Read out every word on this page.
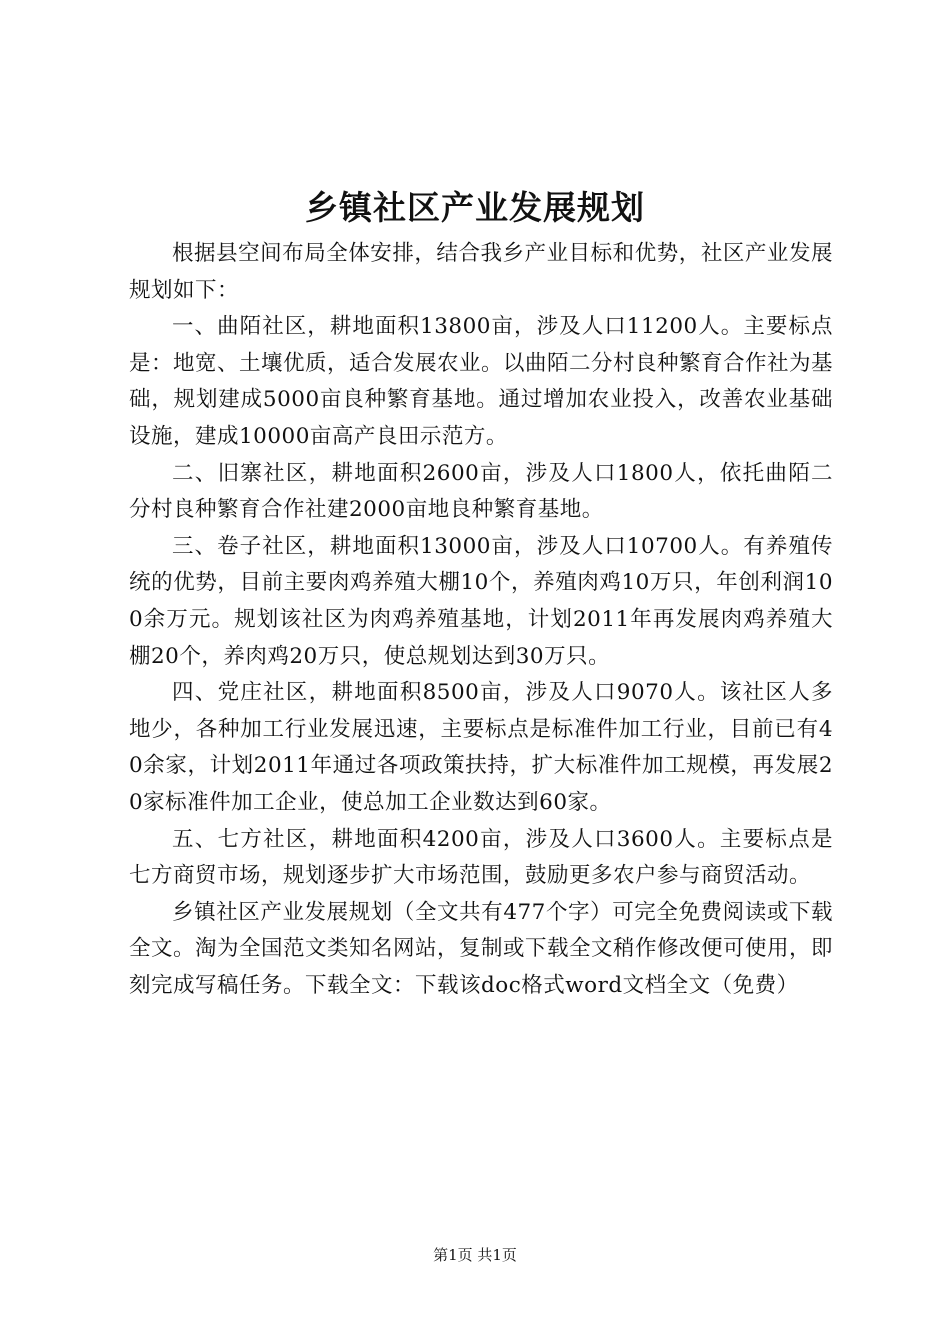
乡镇社区产业发展规划

根据县空间布局全体安排，结合我乡产业目标和优势，社区产业发展规划如下：

一、曲陌社区，耕地面积13800亩，涉及人口11200人。主要标点是：地宽、土壤优质，适合发展农业。以曲陌二分村良种繁育合作社为基础，规划建成5000亩良种繁育基地。通过增加农业投入，改善农业基础设施，建成10000亩高产良田示范方。

二、旧寨社区，耕地面积2600亩，涉及人口1800人，依托曲陌二分村良种繁育合作社建2000亩地良种繁育基地。

三、卷子社区，耕地面积13000亩，涉及人口10700人。有养殖传统的优势，目前主要肉鸡养殖大棚10个，养殖肉鸡10万只，年创利润100余万元。规划该社区为肉鸡养殖基地，计划2011年再发展肉鸡养殖大棚20个，养肉鸡20万只，使总规划达到30万只。

四、党庄社区，耕地面积8500亩，涉及人口9070人。该社区人多地少，各种加工行业发展迅速，主要标点是标准件加工行业，目前已有40余家，计划2011年通过各项政策扶持，扩大标准件加工规模，再发展20家标准件加工企业，使总加工企业数达到60家。

五、七方社区，耕地面积4200亩，涉及人口3600人。主要标点是七方商贸市场，规划逐步扩大市场范围，鼓励更多农户参与商贸活动。

乡镇社区产业发展规划（全文共有477个字）可完全免费阅读或下载全文。淘为全国范文类知名网站，复制或下载全文稍作修改便可使用，即刻完成写稿任务。下载全文：下载该doc格式word文档全文（免费）

第1页 共1页
